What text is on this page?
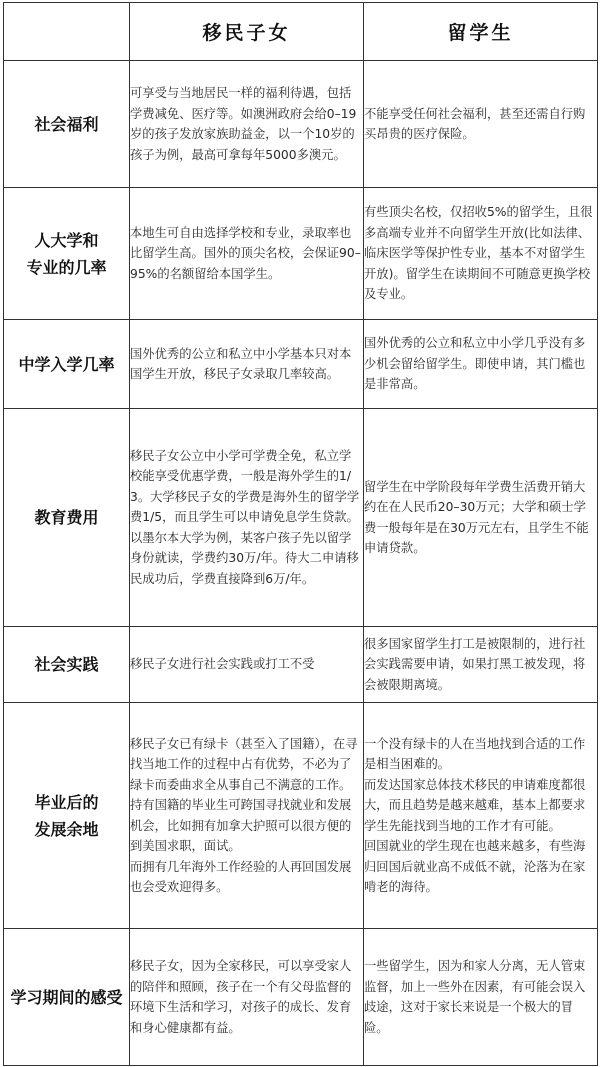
	移民子女	留学生

社会福利	可享受与当地居民一样的福利待遇，包括学费减免、医疗等。如澳洲政府会给0–19岁的孩子发放家族助益金，以一个10岁的孩子为例，最高可拿每年5000多澳元。	不能享受任何社会福利，甚至还需自行购买昂贵的医疗保险。

人大学和
专业的几率	本地生可自由选择学校和专业，录取率也比留学生高。国外的顶尖名校，会保证90–95%的名额留给本国学生。	有些顶尖名校，仅招收5%的留学生，且很多高端专业并不向留学生开放(比如法律、临床医学等保护性专业，基本不对留学生开放)。留学生在读期间不可随意更换学校及专业。

中学入学几率	国外优秀的公立和私立中小学基本只对本国学生开放，移民子女录取几率较高。	国外优秀的公立和私立中小学几乎没有多少机会留给留学生。即使申请，其门槛也是非常高。

教育费用	移民子女公立中小学可学费全免，私立学校能享受优惠学费，一般是海外学生的1/3。大学移民子女的学费是海外生的留学学费1/5，而且学生可以申请免息学生贷款。以墨尔本大学为例，某客户孩子先以留学身份就读，学费约30万/年。待大二申请移民成功后，学费直接降到6万/年。	留学生在中学阶段每年学费生活费开销大约在在人民币20–30万元；大学和硕士学费一般每年是在30万元左右，且学生不能申请贷款。

社会实践	移民子女进行社会实践或打工不受	很多国家留学生打工是被限制的，进行社会实践需要申请，如果打黑工被发现，将会被限期离境。

毕业后的
发展余地	移民子女已有绿卡（甚至入了国籍），在寻找当地工作的过程中占有优势，不必为了绿卡而委曲求全从事自己不满意的工作。
持有国籍的毕业生可跨国寻找就业和发展机会，比如拥有加拿大护照可以很方便的到美国求职，面试。
而拥有几年海外工作经验的人再回国发展也会受欢迎得多。	一个没有绿卡的人在当地找到合适的工作是相当困难的。
而发达国家总体技术移民的申请难度都很大，而且趋势是越来越难，基本上都要求学生先能找到当地的工作才有可能。
回国就业的学生现在也越来越多，有些海归回国后就业高不成低不就，沦落为在家啃老的海待。

学习期间的感受	移民子女，因为全家移民，可以享受家人的陪伴和照顾，孩子在一个有父母监督的环境下生活和学习，对孩子的成长、发育和身心健康都有益。	一些留学生，因为和家人分离，无人管束监督，加上一些外在因素，有可能会误入歧途，这对于家长来说是一个极大的冒险。
